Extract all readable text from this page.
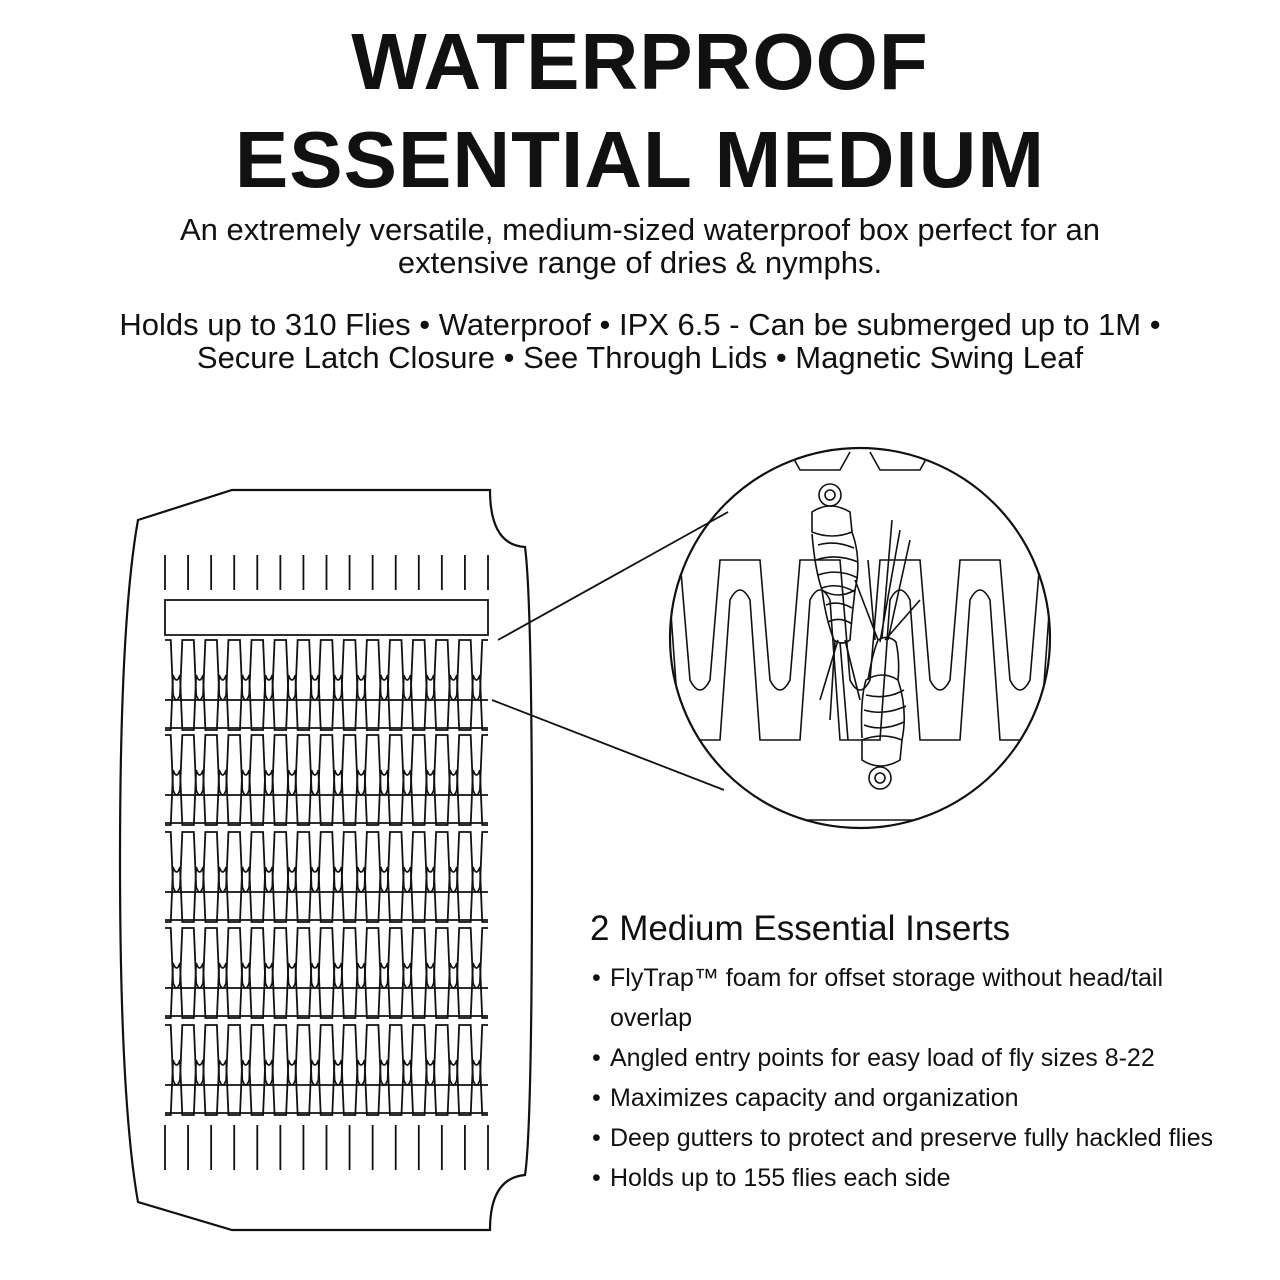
WATERPROOF
ESSENTIAL MEDIUM

An extremely versatile, medium-sized waterproof box perfect for an

extensive range of dries & nymphs.

Holds up to 310 Flies • Waterproof • IPX 6.5 - Can be submerged up to 1M •

Secure Latch Closure • See Through Lids • Magnetic Swing Leaf

2 Medium Essential Inserts
• FlyTrap™ foam for offset storage without head/tail overlap
• Angled entry points for easy load of fly sizes 8-22
• Maximizes capacity and organization
• Deep gutters to protect and preserve fully hackled flies
• Holds up to 155 flies each side
